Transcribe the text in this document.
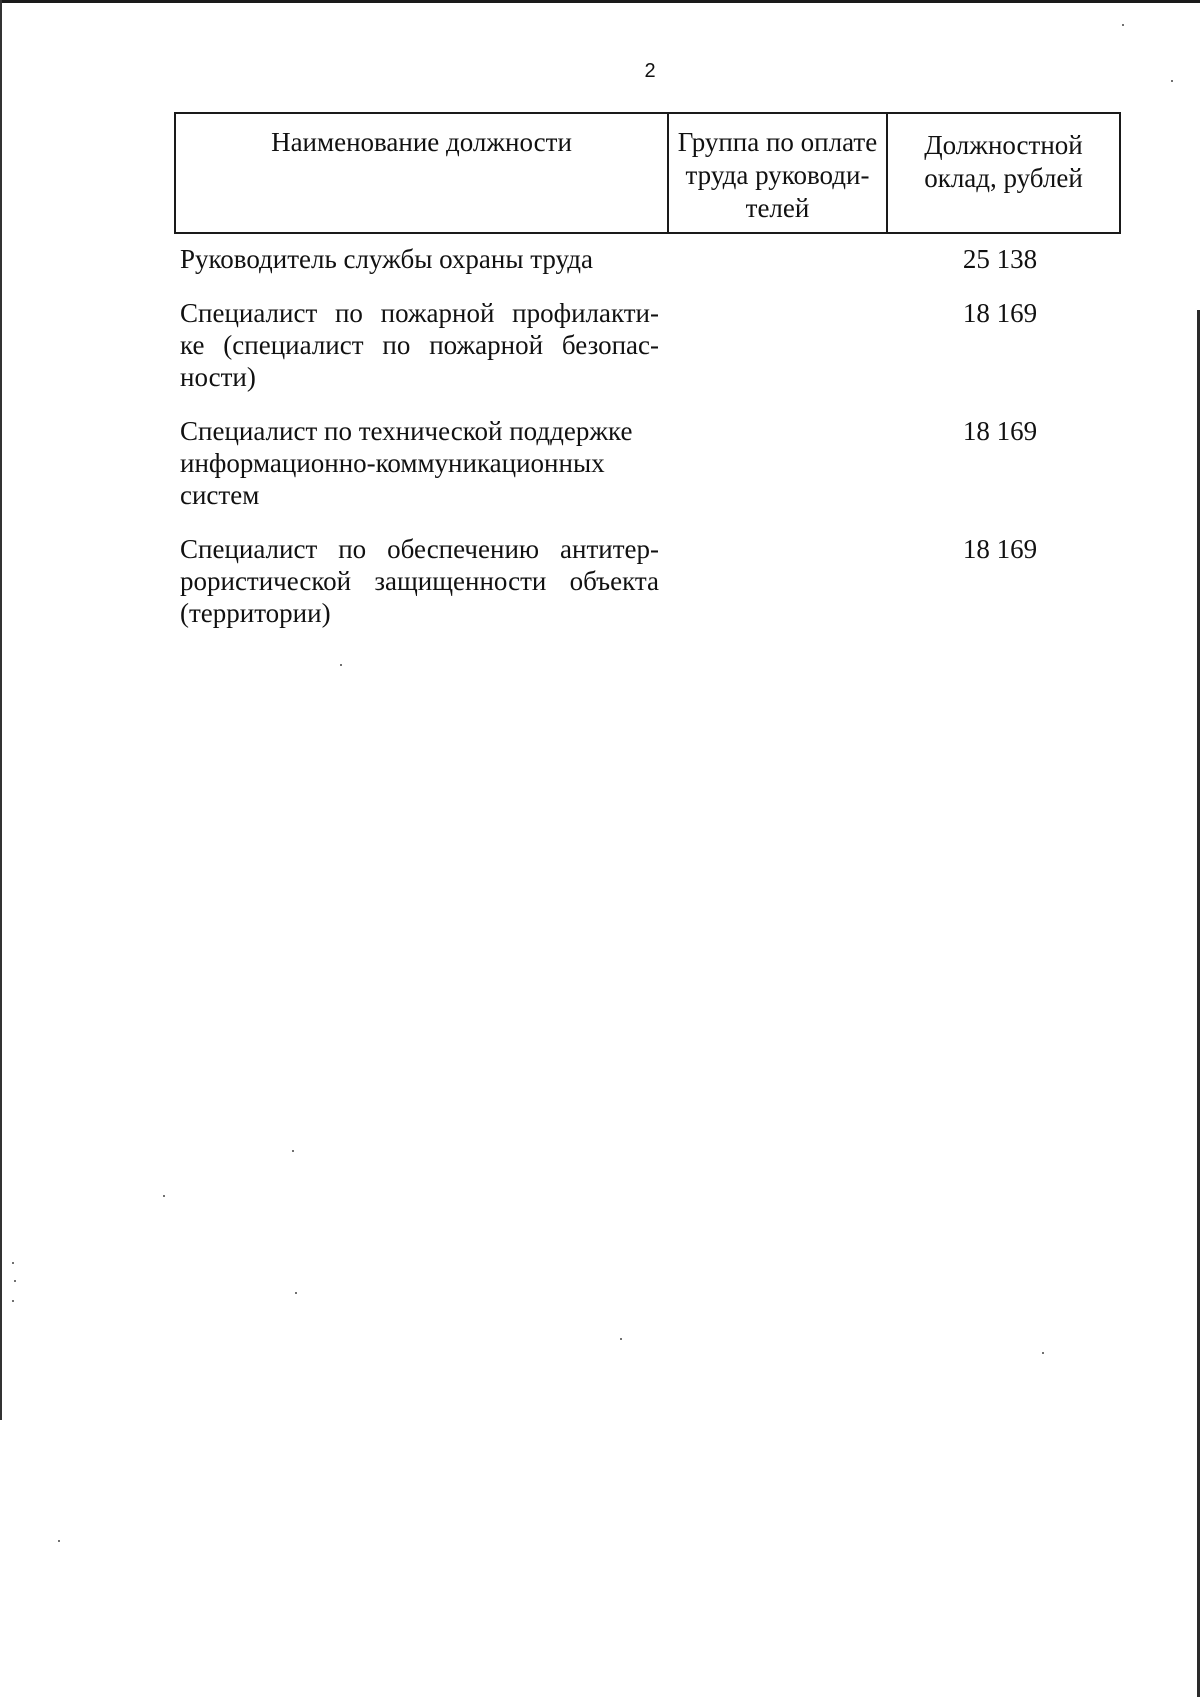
2
Наименование должности	Группа по оплате
труда руководи-
телей
Должностной
оклад, рублей
Руководитель службы охраны труда	25 138
Специалист по пожарной профилакти-
ке (специалист по пожарной безопас-
ности)
18 169
Специалист по технической поддержке
информационно-коммуникационных
систем
18 169
Специалист по обеспечению антитер-
рористической защищенности объекта
(территории)
18 169
